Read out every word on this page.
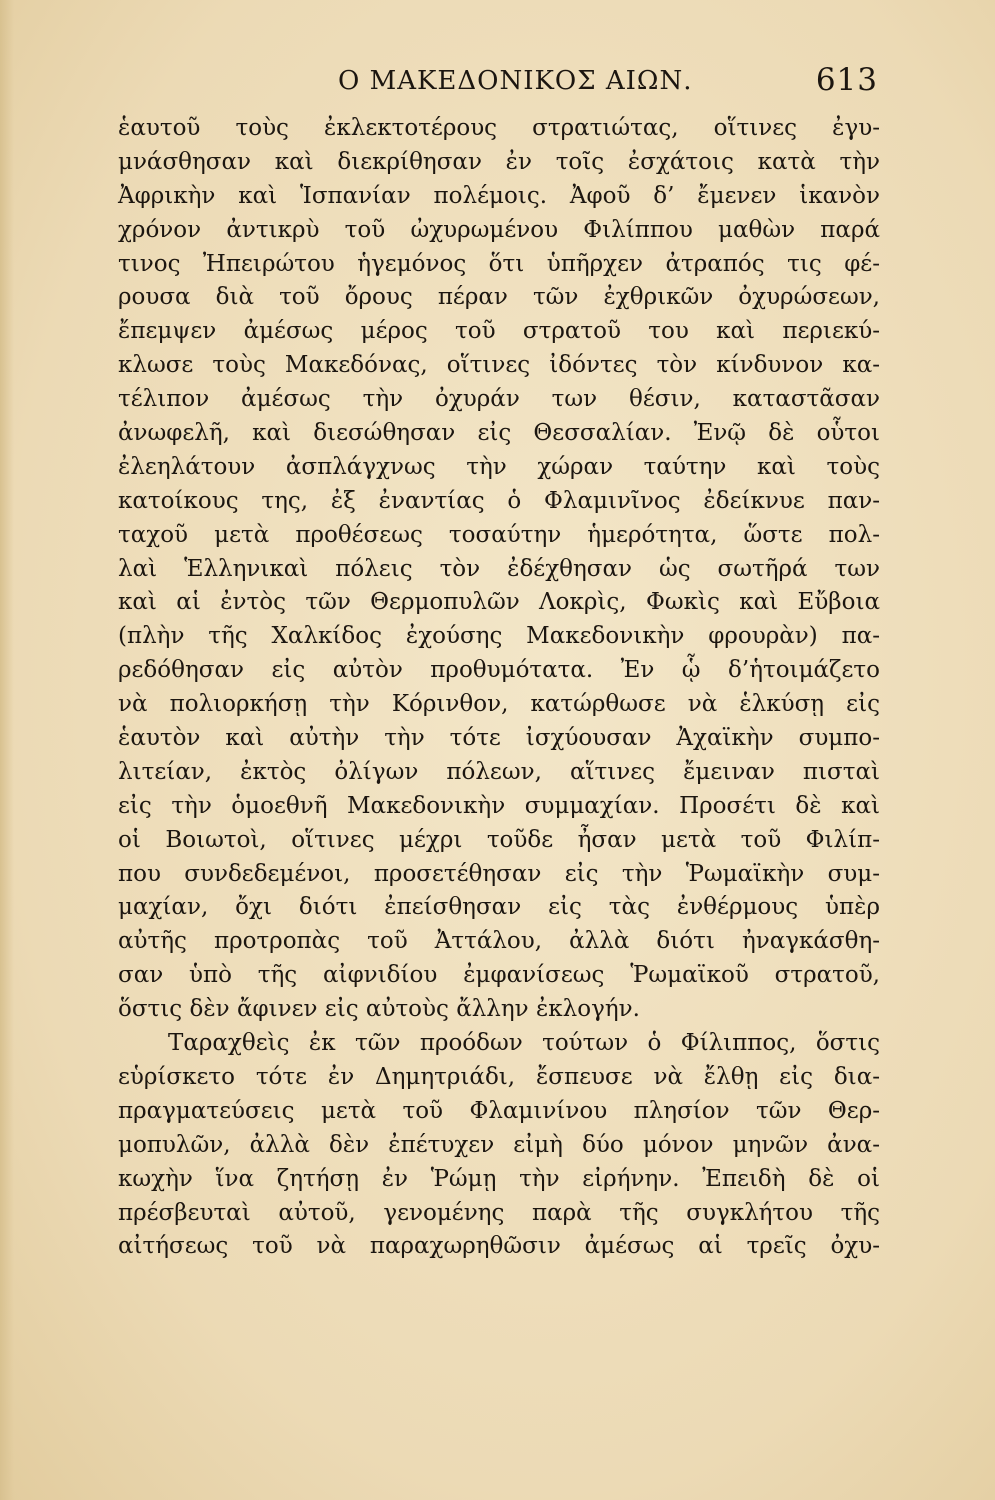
Ο ΜΑΚΕΔΟΝΙΚΟΣ ΑΙΩΝ.	613
ἑαυτοῦ τοὺς ἐκλεκτοτέρους στρατιώτας, οἵτινες ἐγυ-
μνάσθησαν καὶ διεκρίθησαν ἐν τοῖς ἐσχάτοις κατὰ τὴν
Ἀφρικὴν καὶ Ἱσπανίαν πολέμοις. Ἀφοῦ δ’ ἔμενεν ἱκανὸν
χρόνον ἀντικρὺ τοῦ ὠχυρωμένου Φιλίππου μαθὼν παρά
τινος Ἠπειρώτου ἡγεμόνος ὅτι ὑπῆρχεν ἀτραπός τις φέ-
ρουσα διὰ τοῦ ὄρους πέραν τῶν ἐχθρικῶν ὀχυρώσεων,
ἔπεμψεν ἀμέσως μέρος τοῦ στρατοῦ του καὶ περιεκύ-
κλωσε τοὺς Μακεδόνας, οἵτινες ἰδόντες τὸν κίνδυνον κα-
τέλιπον ἀμέσως τὴν ὀχυράν των θέσιν, καταστᾶσαν
ἀνωφελῆ, καὶ διεσώθησαν εἰς Θεσσαλίαν. Ἐνῷ δὲ οὗτοι
ἐλεηλάτουν ἀσπλάγχνως τὴν χώραν ταύτην καὶ τοὺς
κατοίκους της, ἐξ ἐναντίας ὁ Φλαμινῖνος ἐδείκνυε παν-
ταχοῦ μετὰ προθέσεως τοσαύτην ἡμερότητα, ὥστε πολ-
λαὶ Ἑλληνικαὶ πόλεις τὸν ἐδέχθησαν ὡς σωτῆρά των
καὶ αἱ ἐντὸς τῶν Θερμοπυλῶν Λοκρὶς, Φωκὶς καὶ Εὔβοια
(πλὴν τῆς Χαλκίδος ἐχούσης Μακεδονικὴν φρουρὰν) πα-
ρεδόθησαν εἰς αὐτὸν προθυμότατα. Ἐν ᾧ δ’ἡτοιμάζετο
νὰ πολιορκήσῃ τὴν Κόρινθον, κατώρθωσε νὰ ἑλκύσῃ εἰς
ἑαυτὸν καὶ αὐτὴν τὴν τότε ἰσχύουσαν Ἀχαϊκὴν συμπο-
λιτείαν, ἐκτὸς ὀλίγων πόλεων, αἵτινες ἔμειναν πισταὶ
εἰς τὴν ὁμοεθνῆ Μακεδονικὴν συμμαχίαν. Προσέτι δὲ καὶ
οἱ Βοιωτοὶ, οἵτινες μέχρι τοῦδε ἦσαν μετὰ τοῦ Φιλίπ-
που συνδεδεμένοι, προσετέθησαν εἰς τὴν Ῥωμαϊκὴν συμ-
μαχίαν, ὄχι διότι ἐπείσθησαν εἰς τὰς ἐνθέρμους ὑπὲρ
αὐτῆς προτροπὰς τοῦ Ἀττάλου, ἀλλὰ διότι ἠναγκάσθη-
σαν ὑπὸ τῆς αἰφνιδίου ἐμφανίσεως Ῥωμαϊκοῦ στρατοῦ,
ὅστις δὲν ἄφινεν εἰς αὐτοὺς ἄλλην ἐκλογήν.
Ταραχθεὶς ἐκ τῶν προόδων τούτων ὁ Φίλιππος, ὅστις
εὑρίσκετο τότε ἐν Δημητριάδι, ἔσπευσε νὰ ἔλθῃ εἰς δια-
πραγματεύσεις μετὰ τοῦ Φλαμινίνου πλησίον τῶν Θερ-
μοπυλῶν, ἀλλὰ δὲν ἐπέτυχεν εἰμὴ δύο μόνον μηνῶν ἀνα-
κωχὴν ἵνα ζητήσῃ ἐν Ῥώμῃ τὴν εἰρήνην. Ἐπειδὴ δὲ οἱ
πρέσβευταὶ αὐτοῦ, γενομένης παρὰ τῆς συγκλήτου τῆς
αἰτήσεως τοῦ νὰ παραχωρηθῶσιν ἀμέσως αἱ τρεῖς ὀχυ-
